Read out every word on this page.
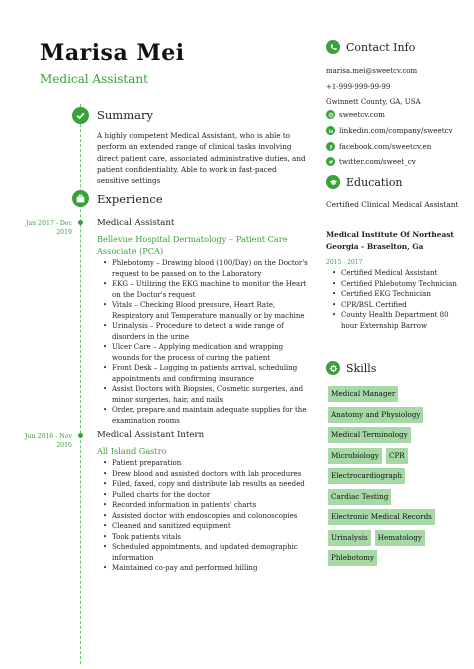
Marisa Mei
Medical Assistant
Summary
A highly competent Medical Assistant, who is able to perform an extended range of clinical tasks involving direct patient care, associated administrative duties, and patient confidentiality. Able to work in fast-paced sensitive settings
Experience
Jan 2017 - Dec 2019
Medical Assistant
Bellevue Hospital Dermatology – Patient Care Associate (PCA)
• Phlebotomy – Drawing blood (100/Day) on the Doctor's request to be passed on to the Laboratory
• EKG – Utilizing the EKG machine to monitor the Heart on the Doctor's request
• Vitals – Checking Blood pressure, Heart Rate, Respiratory and Temperature manually or by machine
• Urinalysis – Procedure to detect a wide range of disorders in the urine
• Ulcer Care – Applying medication and wrapping wounds for the process of curing the patient
• Front Desk – Logging in patients arrival, scheduling appointments and confirming insurance
• Assist Doctors with Biopsies, Cosmetic surgeries, and minor surgeries, hair, and nails
• Order, prepare and maintain adequate supplies for the examination rooms
Jun 2016 - Nov 2016
Medical Assistant Intern
All Island Gastro
• Patient preparation
• Drew blood and assisted doctors with lab procedures
• Filed, faxed, copy and distribute lab results as needed
• Pulled charts for the doctor
• Recorded information in patients' charts
• Assisted doctor with endoscopies and colonoscopies
• Cleaned and sanitized equipment
• Took patients vitals
• Scheduled appointments, and updated demographic information
• Maintained co-pay and performed billing
Contact Info
marisa.mei@sweetcv.com
+1-999-999-99-99
Gwinnett County, GA, USA
sweetcv.com
linkedin.com/company/sweetcv
facebook.com/sweetcv.en
twitter.com/sweet_cv
Education
Certified Clinical Medical Assistant
Medical Institute Of Northeast Georgia - Braselton, Ga
2015 - 2017
• Certified Medical Assistant
• Certified Phlebotomy Technician
• Certified EKG Technician
• CPR/BSL Certified
• County Health Department 80 hour Externship Barrow
Skills
Medical Manager
Anatomy and Physiology
Medical Terminology
Microbiology	CPR
Electrocardiograph
Cardiac Testing
Electronic Medical Records
Urinalysis	Hematology
Phlebotomy
